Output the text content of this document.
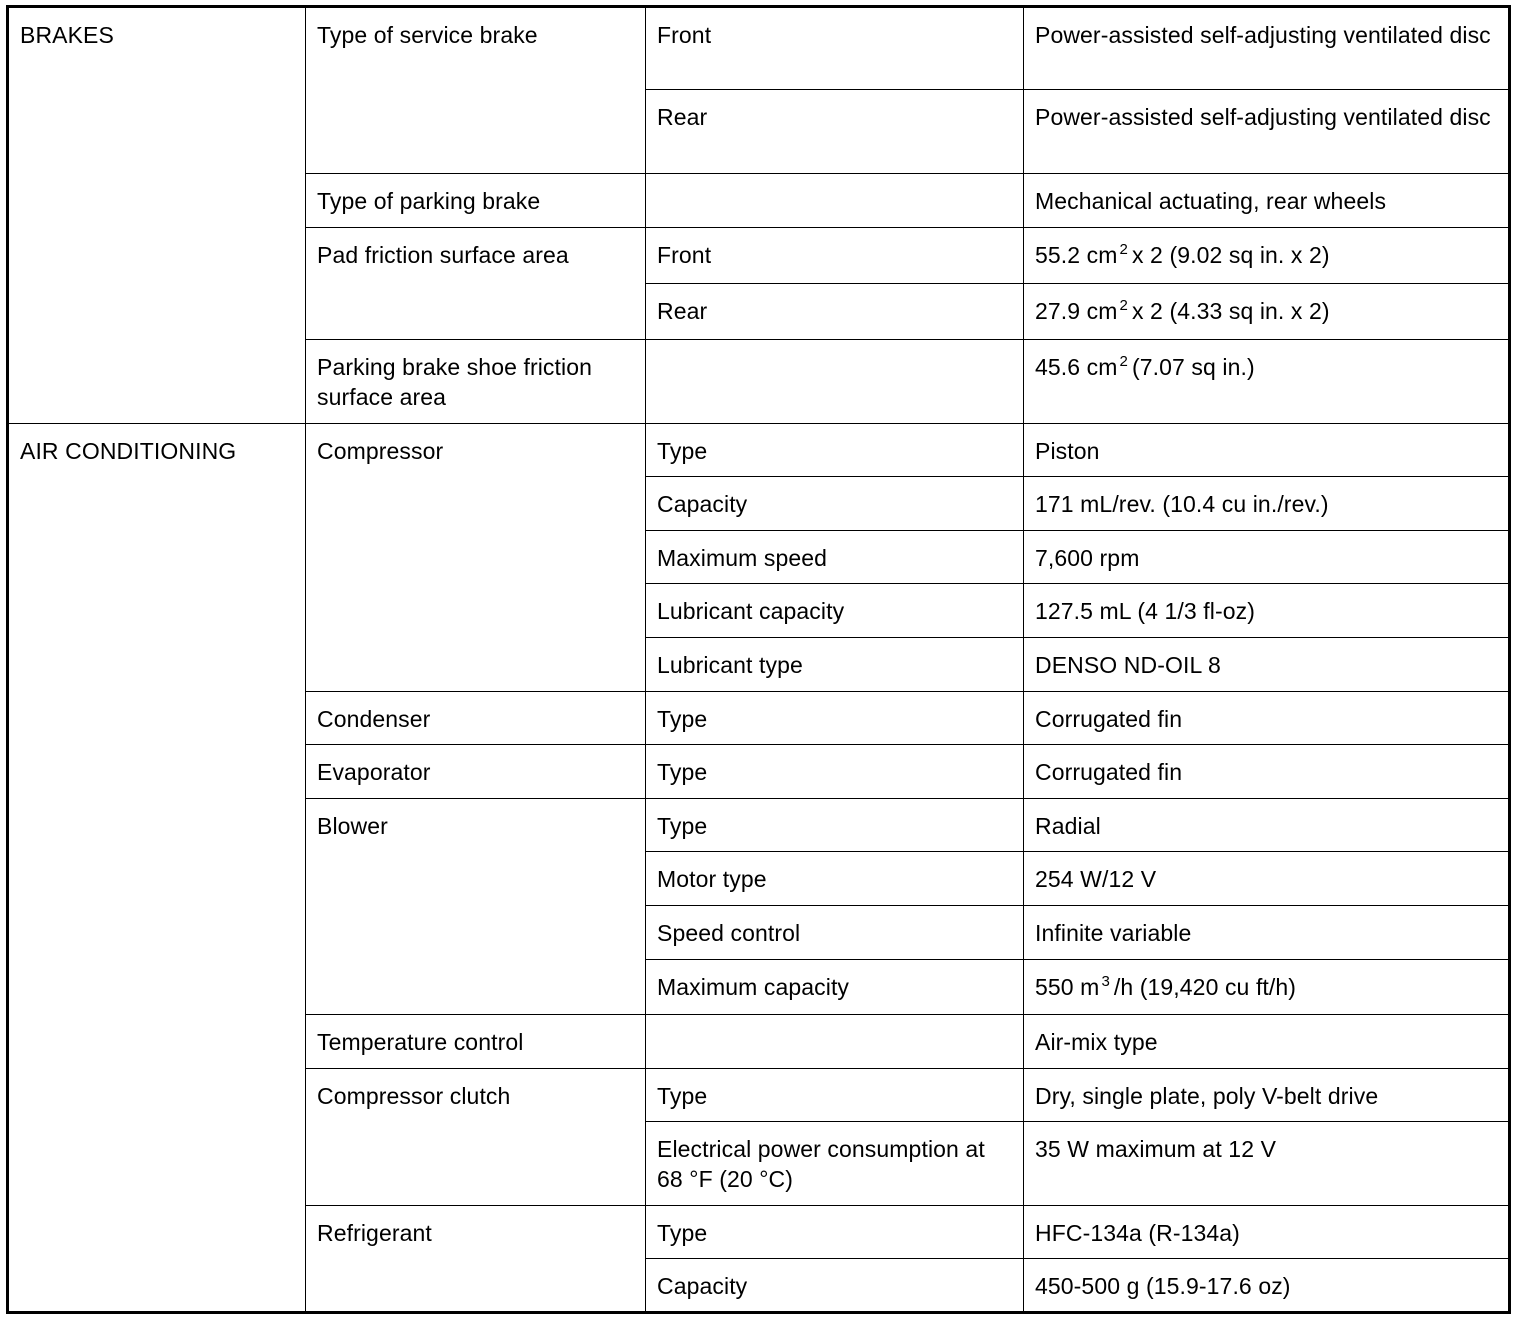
BRAKES	Type of service brake	Front	Power-assisted self-adjusting ventilated disc
		Rear	Power-assisted self-adjusting ventilated disc
	Type of parking brake		Mechanical actuating, rear wheels
	Pad friction surface area	Front	55.2 cm $^2$ x 2 (9.02 sq in. x 2)
		Rear	27.9 cm $^2$ x 2 (4.33 sq in. x 2)
	Parking brake shoe friction surface area		45.6 cm $^2$ (7.07 sq in.)
AIR CONDITIONING	Compressor	Type	Piston
		Capacity	171 mL/rev. (10.4 cu in./rev.)
		Maximum speed	7,600 rpm
		Lubricant capacity	127.5 mL (4 1/3 fl-oz)
		Lubricant type	DENSO ND-OIL 8
	Condenser	Type	Corrugated fin
	Evaporator	Type	Corrugated fin
	Blower	Type	Radial
		Motor type	254 W/12 V
		Speed control	Infinite variable
		Maximum capacity	550 m $^3$ /h (19,420 cu ft/h)
	Temperature control		Air-mix type
	Compressor clutch	Type	Dry, single plate, poly V-belt drive
		Electrical power consumption at 68 °F (20 °C)	35 W maximum at 12 V
	Refrigerant	Type	HFC-134a (R-134a)
		Capacity	450-500 g (15.9-17.6 oz)
